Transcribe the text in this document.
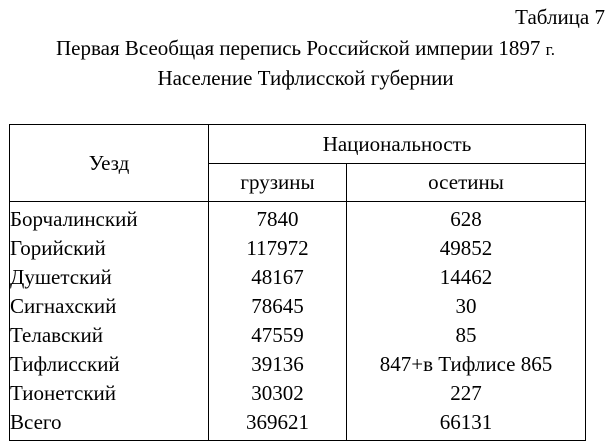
Таблица 7
Первая Всеобщая перепись Российской империи 1897 г.
Население Тифлисской губернии
Уезд	Национальность	
	грузины	осетины
Борчалинский	7840	628
Горийский	117972	49852
Душетский	48167	14462
Сигнахский	78645	30
Телавский	47559	85
Тифлисский	39136	847+в Тифлисе 865
Тионетский	30302	227
Всего	369621	66131
